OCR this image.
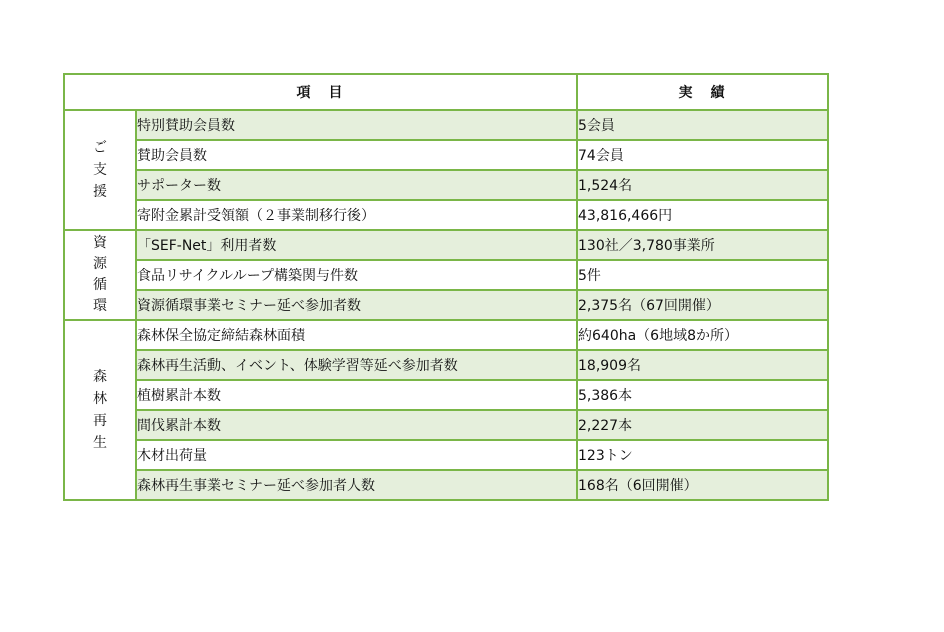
項　目		実　績

ご
支
援	特別賛助会員数	5会員
	賛助会員数	74会員
	サポーター数	1,524名
	寄附金累計受領額（２事業制移行後）	43,816,466円

資
源
循
環	「SEF-Net」利用者数	130社／3,780事業所
	食品リサイクルループ構築関与件数	5件
	資源循環事業セミナー延べ参加者数	2,375名（67回開催）

森
林
再
生	森林保全協定締結森林面積	約640ha（6地域8か所）
	森林再生活動、イベント、体験学習等延べ参加者数	18,909名
	植樹累計本数	5,386本
	間伐累計本数	2,227本
	木材出荷量	123トン
	森林再生事業セミナー延べ参加者人数	168名（6回開催）
